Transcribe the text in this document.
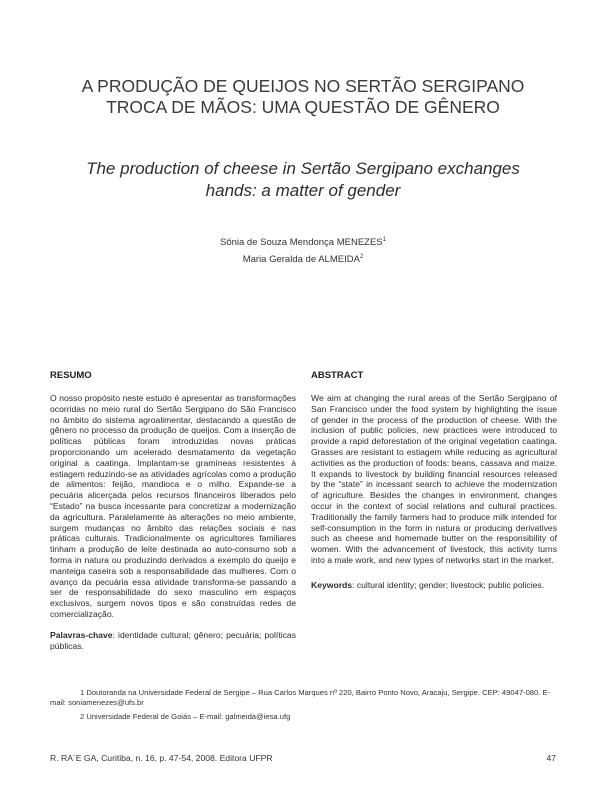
A PRODUÇÃO DE QUEIJOS NO SERTÃO SERGIPANO
TROCA DE MÃOS: UMA QUESTÃO DE GÊNERO
The production of cheese in Sertão Sergipano exchanges
hands: a matter of gender
Sônia de Souza Mendonça MENEZES$^1$
Maria Geralda de ALMEIDA$^2$
RESUMO	ABSTRACT
O nosso propósito neste estudo é apresentar as transformações ocorridas no meio rural do Sertão Sergipano do São Francisco no âmbito do sistema agroalimentar, destacando a questão de gênero no processo da produção de queijos. Com a inserção de políticas públicas foram introduzidas novas práticas proporcionando um acelerado desmatamento da vegetação original a caatinga. Implantam-se gramíneas resistentes à estiagem reduzindo-se as atividades agrícolas como a produção de alimentos: feijão, mandioca e o milho. Expande-se a pecuária alicerçada pelos recursos financeiros liberados pelo “Estado” na busca incessante para concretizar a modernização da agricultura. Paralelamente às alterações no meio ambiente, surgem mudanças no âmbito das relações sociais e nas práticas culturais. Tradicionalmente os agricultores familiares tinham a produção de leite destinada ao auto-consumo sob a forma in natura ou produzindo derivados a exemplo do queijo e manteiga caseira sob a responsabilidade das mulheres. Com o avanço da pecuária essa atividade transforma-se passando a ser de responsabilidade do sexo masculino em espaços exclusivos, surgem novos tipos e são construídas redes de comercialização.
Palavras-chave: identidade cultural; gênero; pecuária; políticas públicas.
We aim at changing the rural areas of the Sertão Sergipano of San Francisco under the food system by highlighting the issue of gender in the process of the production of cheese. With the inclusion of public policies, new practices were introduced to provide a rapid deforestation of the original vegetation caatinga. Grasses are resistant to estiagem while reducing as agricultural activities as the production of foods: beans, cassava and maize. It expands to livestock by building financial resources released by the “state” in incessant search to achieve the modernization of agriculture. Besides the changes in environment, changes occur in the context of social relations and cultural practices. Traditionally the family farmers had to produce milk intended for self-consumption in the form in natura or producing derivatives such as cheese and homemade butter on the responsibility of women. With the advancement of livestock, this activity turns into a male work, and new types of networks start in the market.
Keywords: cultural identity; gender; livestock; public policies.
1 Doutoranda na Universidade Federal de Sergipe – Rua Carlos Marques nº 220, Bairro Ponto Novo, Aracaju, Sergipe. CEP: 49047-080. E-mail: soniamenezes@ufs.br
2 Universidade Federal de Goiás – E-mail: galmeida@iesa.ufg
R. RA´E GA, Curitiba, n. 16, p. 47-54, 2008. Editora UFPR	47
